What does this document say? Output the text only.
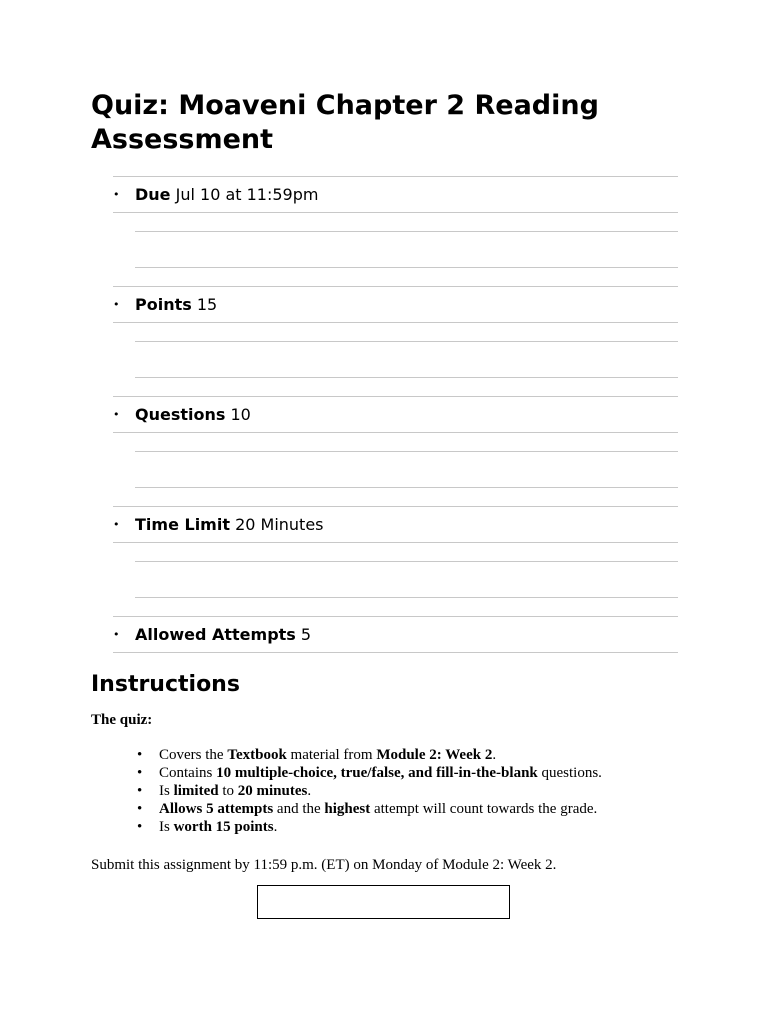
Quiz: Moaveni Chapter 2 Reading Assessment
• Due Jul 10 at 11:59pm
• Points 15
• Questions 10
• Time Limit 20 Minutes
• Allowed Attempts 5
Instructions

The quiz:

• Covers the Textbook material from Module 2: Week 2.
• Contains 10 multiple-choice, true/false, and fill-in-the-blank questions.
• Is limited to 20 minutes.
• Allows 5 attempts and the highest attempt will count towards the grade.
• Is worth 15 points.

Submit this assignment by 11:59 p.m. (ET) on Monday of Module 2: Week 2.
